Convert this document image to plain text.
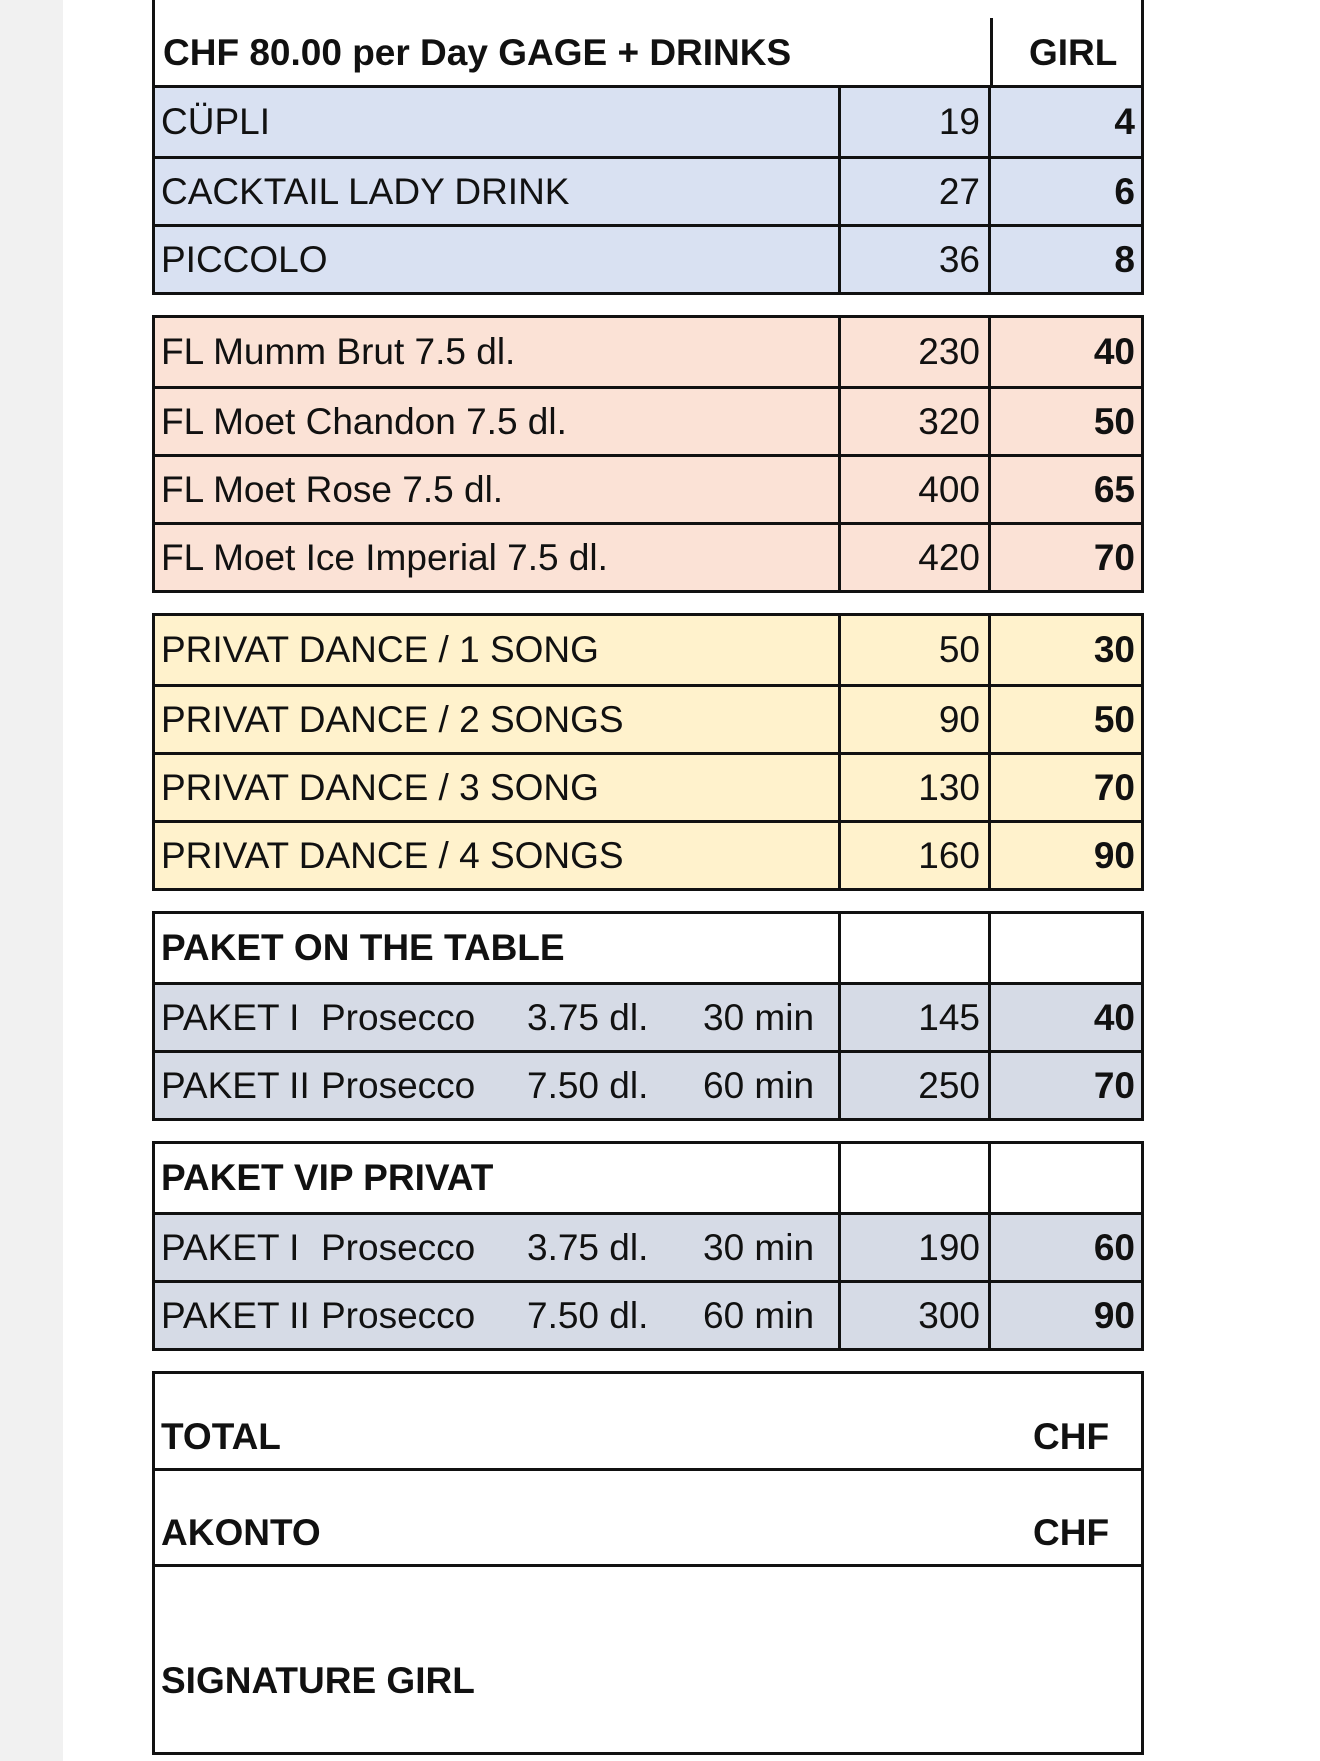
CHF 80.00 per Day GAGE + DRINKS	GIRL
CÜPLI	19	4
CACKTAIL LADY DRINK	27	6
PICCOLO	36	8
FL Mumm Brut 7.5 dl.	230	40
FL Moet Chandon 7.5 dl.	320	50
FL Moet Rose 7.5 dl.	400	65
FL Moet Ice Imperial 7.5 dl.	420	70
PRIVAT DANCE / 1 SONG	50	30
PRIVAT DANCE / 2 SONGS	90	50
PRIVAT DANCE / 3 SONG	130	70
PRIVAT DANCE / 4 SONGS	160	90
PAKET ON THE TABLE
PAKET I Prosecco 3.75 dl. 30 min	145	40
PAKET II Prosecco 7.50 dl. 60 min	250	70
PAKET VIP PRIVAT
PAKET I Prosecco 3.75 dl. 30 min	190	60
PAKET II Prosecco 7.50 dl. 60 min	300	90
TOTAL	CHF
AKONTO	CHF
SIGNATURE GIRL
